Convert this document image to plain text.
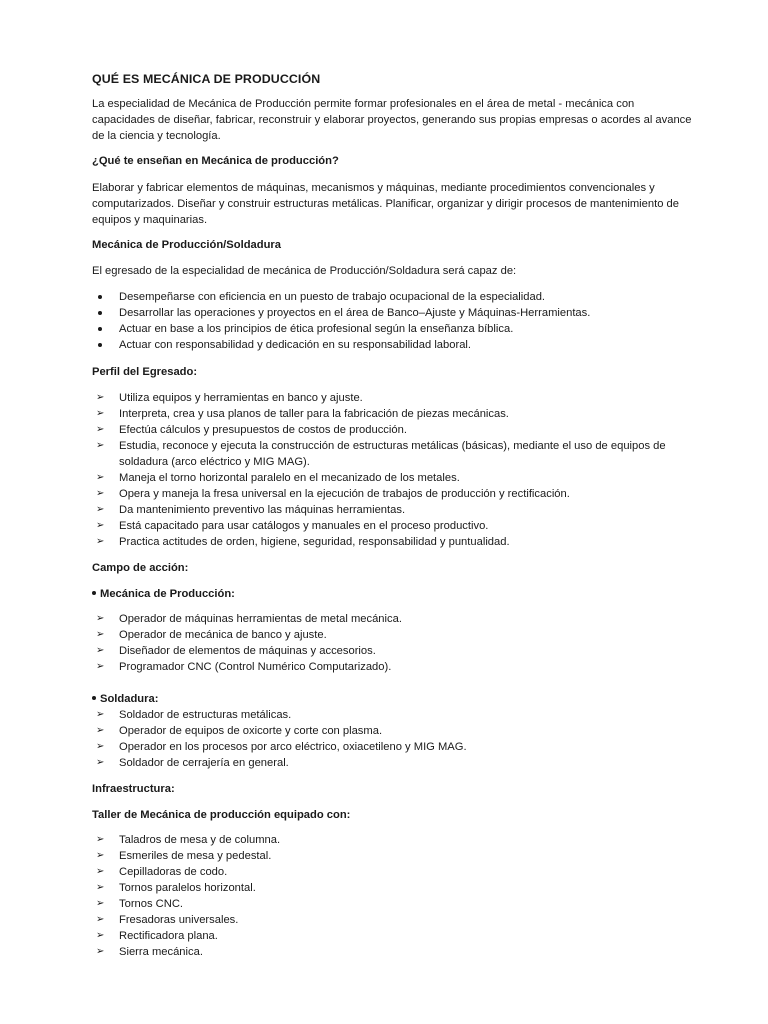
QUÉ ES MECÁNICA DE PRODUCCIÓN

La especialidad de Mecánica de Producción permite formar profesionales en el área de metal - mecánica con capacidades de diseñar, fabricar, reconstruir y elaborar proyectos, generando sus propias empresas o acordes al avance de la ciencia y tecnología.

¿Qué te enseñan en Mecánica de producción?

Elaborar y fabricar elementos de máquinas, mecanismos y máquinas, mediante procedimientos convencionales y computarizados. Diseñar y construir estructuras metálicas. Planificar, organizar y dirigir procesos de mantenimiento de equipos y maquinarias.

Mecánica de Producción/Soldadura

El egresado de la especialidad de mecánica de Producción/Soldadura será capaz de:

Desempeñarse con eficiencia en un puesto de trabajo ocupacional de la especialidad.
Desarrollar las operaciones y proyectos en el área de Banco–Ajuste y Máquinas-Herramientas.
Actuar en base a los principios de ética profesional según la enseñanza bíblica.
Actuar con responsabilidad y dedicación en su responsabilidad laboral.

Perfil del Egresado:

➢ Utiliza equipos y herramientas en banco y ajuste.
➢ Interpreta, crea y usa planos de taller para la fabricación de piezas mecánicas.
➢ Efectúa cálculos y presupuestos de costos de producción.
➢ Estudia, reconoce y ejecuta la construcción de estructuras metálicas (básicas), mediante el uso de equipos de soldadura (arco eléctrico y MIG MAG).
➢ Maneja el torno horizontal paralelo en el mecanizado de los metales.
➢ Opera y maneja la fresa universal en la ejecución de trabajos de producción y rectificación.
➢ Da mantenimiento preventivo las máquinas herramientas.
➢ Está capacitado para usar catálogos y manuales en el proceso productivo.
➢ Practica actitudes de orden, higiene, seguridad, responsabilidad y puntualidad.

Campo de acción:

Mecánica de Producción:

➢ Operador de máquinas herramientas de metal mecánica.
➢ Operador de mecánica de banco y ajuste.
➢ Diseñador de elementos de máquinas y accesorios.
➢ Programador CNC (Control Numérico Computarizado).

Soldadura:

➢ Soldador de estructuras metálicas.
➢ Operador de equipos de oxicorte y corte con plasma.
➢ Operador en los procesos por arco eléctrico, oxiacetileno y MIG MAG.
➢ Soldador de cerrajería en general.

Infraestructura:

Taller de Mecánica de producción equipado con:

➢ Taladros de mesa y de columna.
➢ Esmeriles de mesa y pedestal.
➢ Cepilladoras de codo.
➢ Tornos paralelos horizontal.
➢ Tornos CNC.
➢ Fresadoras universales.
➢ Rectificadora plana.
➢ Sierra mecánica.
